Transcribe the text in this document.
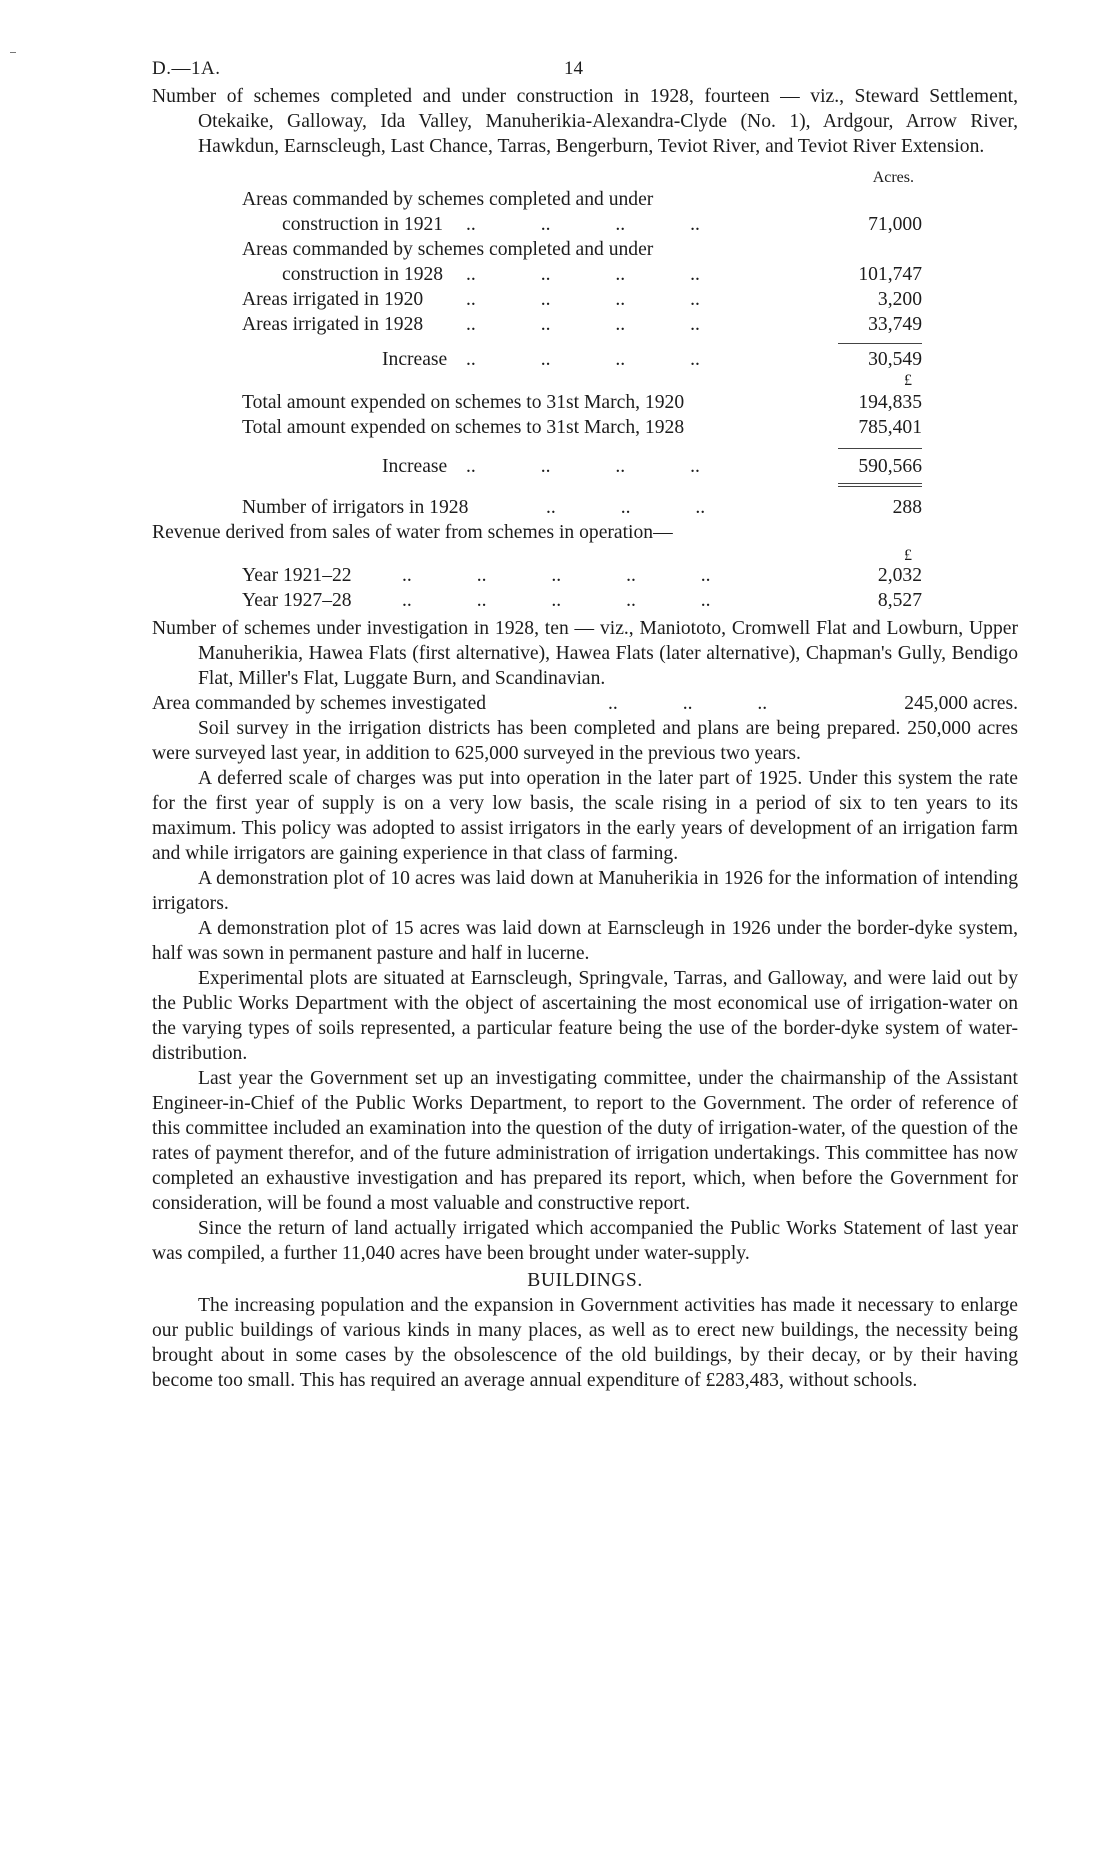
D.—1A.	14

Number of schemes completed and under construction in 1928, fourteen — viz., Steward Settlement, Otekaike, Galloway, Ida Valley, Manuherikia-Alexandra-Clyde (No. 1), Ardgour, Arrow River, Hawkdun, Earnscleugh, Last Chance, Tarras, Bengerburn, Teviot River, and Teviot River Extension.

Acres.
Areas commanded by schemes completed and under
construction in 1921 .. .. .. ..	71,000
Areas commanded by schemes completed and under
construction in 1928 .. .. .. ..	101,747
Areas irrigated in 1920 .. .. .. ..	3,200
Areas irrigated in 1928 .. .. .. ..	33,749
Increase .. .. .. ..	30,549
£
Total amount expended on schemes to 31st March, 1920	194,835
Total amount expended on schemes to 31st March, 1928	785,401
Increase .. .. .. ..	590,566
Number of irrigators in 1928	.. .. ..	288
Revenue derived from sales of water from schemes in operation—
£
Year 1921–22	.. .. .. .. ..	2,032
Year 1927–28	.. .. .. .. ..	8,527

Number of schemes under investigation in 1928, ten — viz., Maniototo, Cromwell Flat and Lowburn, Upper Manuherikia, Hawea Flats (first alternative), Hawea Flats (later alternative), Chapman's Gully, Bendigo Flat, Miller's Flat, Luggate Burn, and Scandinavian.

Area commanded by schemes investigated	.. .. ..	245,000 acres.

Soil survey in the irrigation districts has been completed and plans are being prepared. 250,000 acres were surveyed last year, in addition to 625,000 surveyed in the previous two years.

A deferred scale of charges was put into operation in the later part of 1925. Under this system the rate for the first year of supply is on a very low basis, the scale rising in a period of six to ten years to its maximum. This policy was adopted to assist irrigators in the early years of development of an irrigation farm and while irrigators are gaining experience in that class of farming.

A demonstration plot of 10 acres was laid down at Manuherikia in 1926 for the information of intending irrigators.

A demonstration plot of 15 acres was laid down at Earnscleugh in 1926 under the border-dyke system, half was sown in permanent pasture and half in lucerne.

Experimental plots are situated at Earnscleugh, Springvale, Tarras, and Galloway, and were laid out by the Public Works Department with the object of ascertaining the most economical use of irrigation-water on the varying types of soils represented, a particular feature being the use of the border-dyke system of water-distribution.

Last year the Government set up an investigating committee, under the chairmanship of the Assistant Engineer-in-Chief of the Public Works Department, to report to the Government. The order of reference of this committee included an examination into the question of the duty of irrigation-water, of the question of the rates of payment therefor, and of the future administration of irrigation undertakings. This committee has now completed an exhaustive investigation and has prepared its report, which, when before the Government for consideration, will be found a most valuable and constructive report.

Since the return of land actually irrigated which accompanied the Public Works Statement of last year was compiled, a further 11,040 acres have been brought under water-supply.

BUILDINGS.

The increasing population and the expansion in Government activities has made it necessary to enlarge our public buildings of various kinds in many places, as well as to erect new buildings, the necessity being brought about in some cases by the obsolescence of the old buildings, by their decay, or by their having become too small. This has required an average annual expenditure of £283,483, without schools.
